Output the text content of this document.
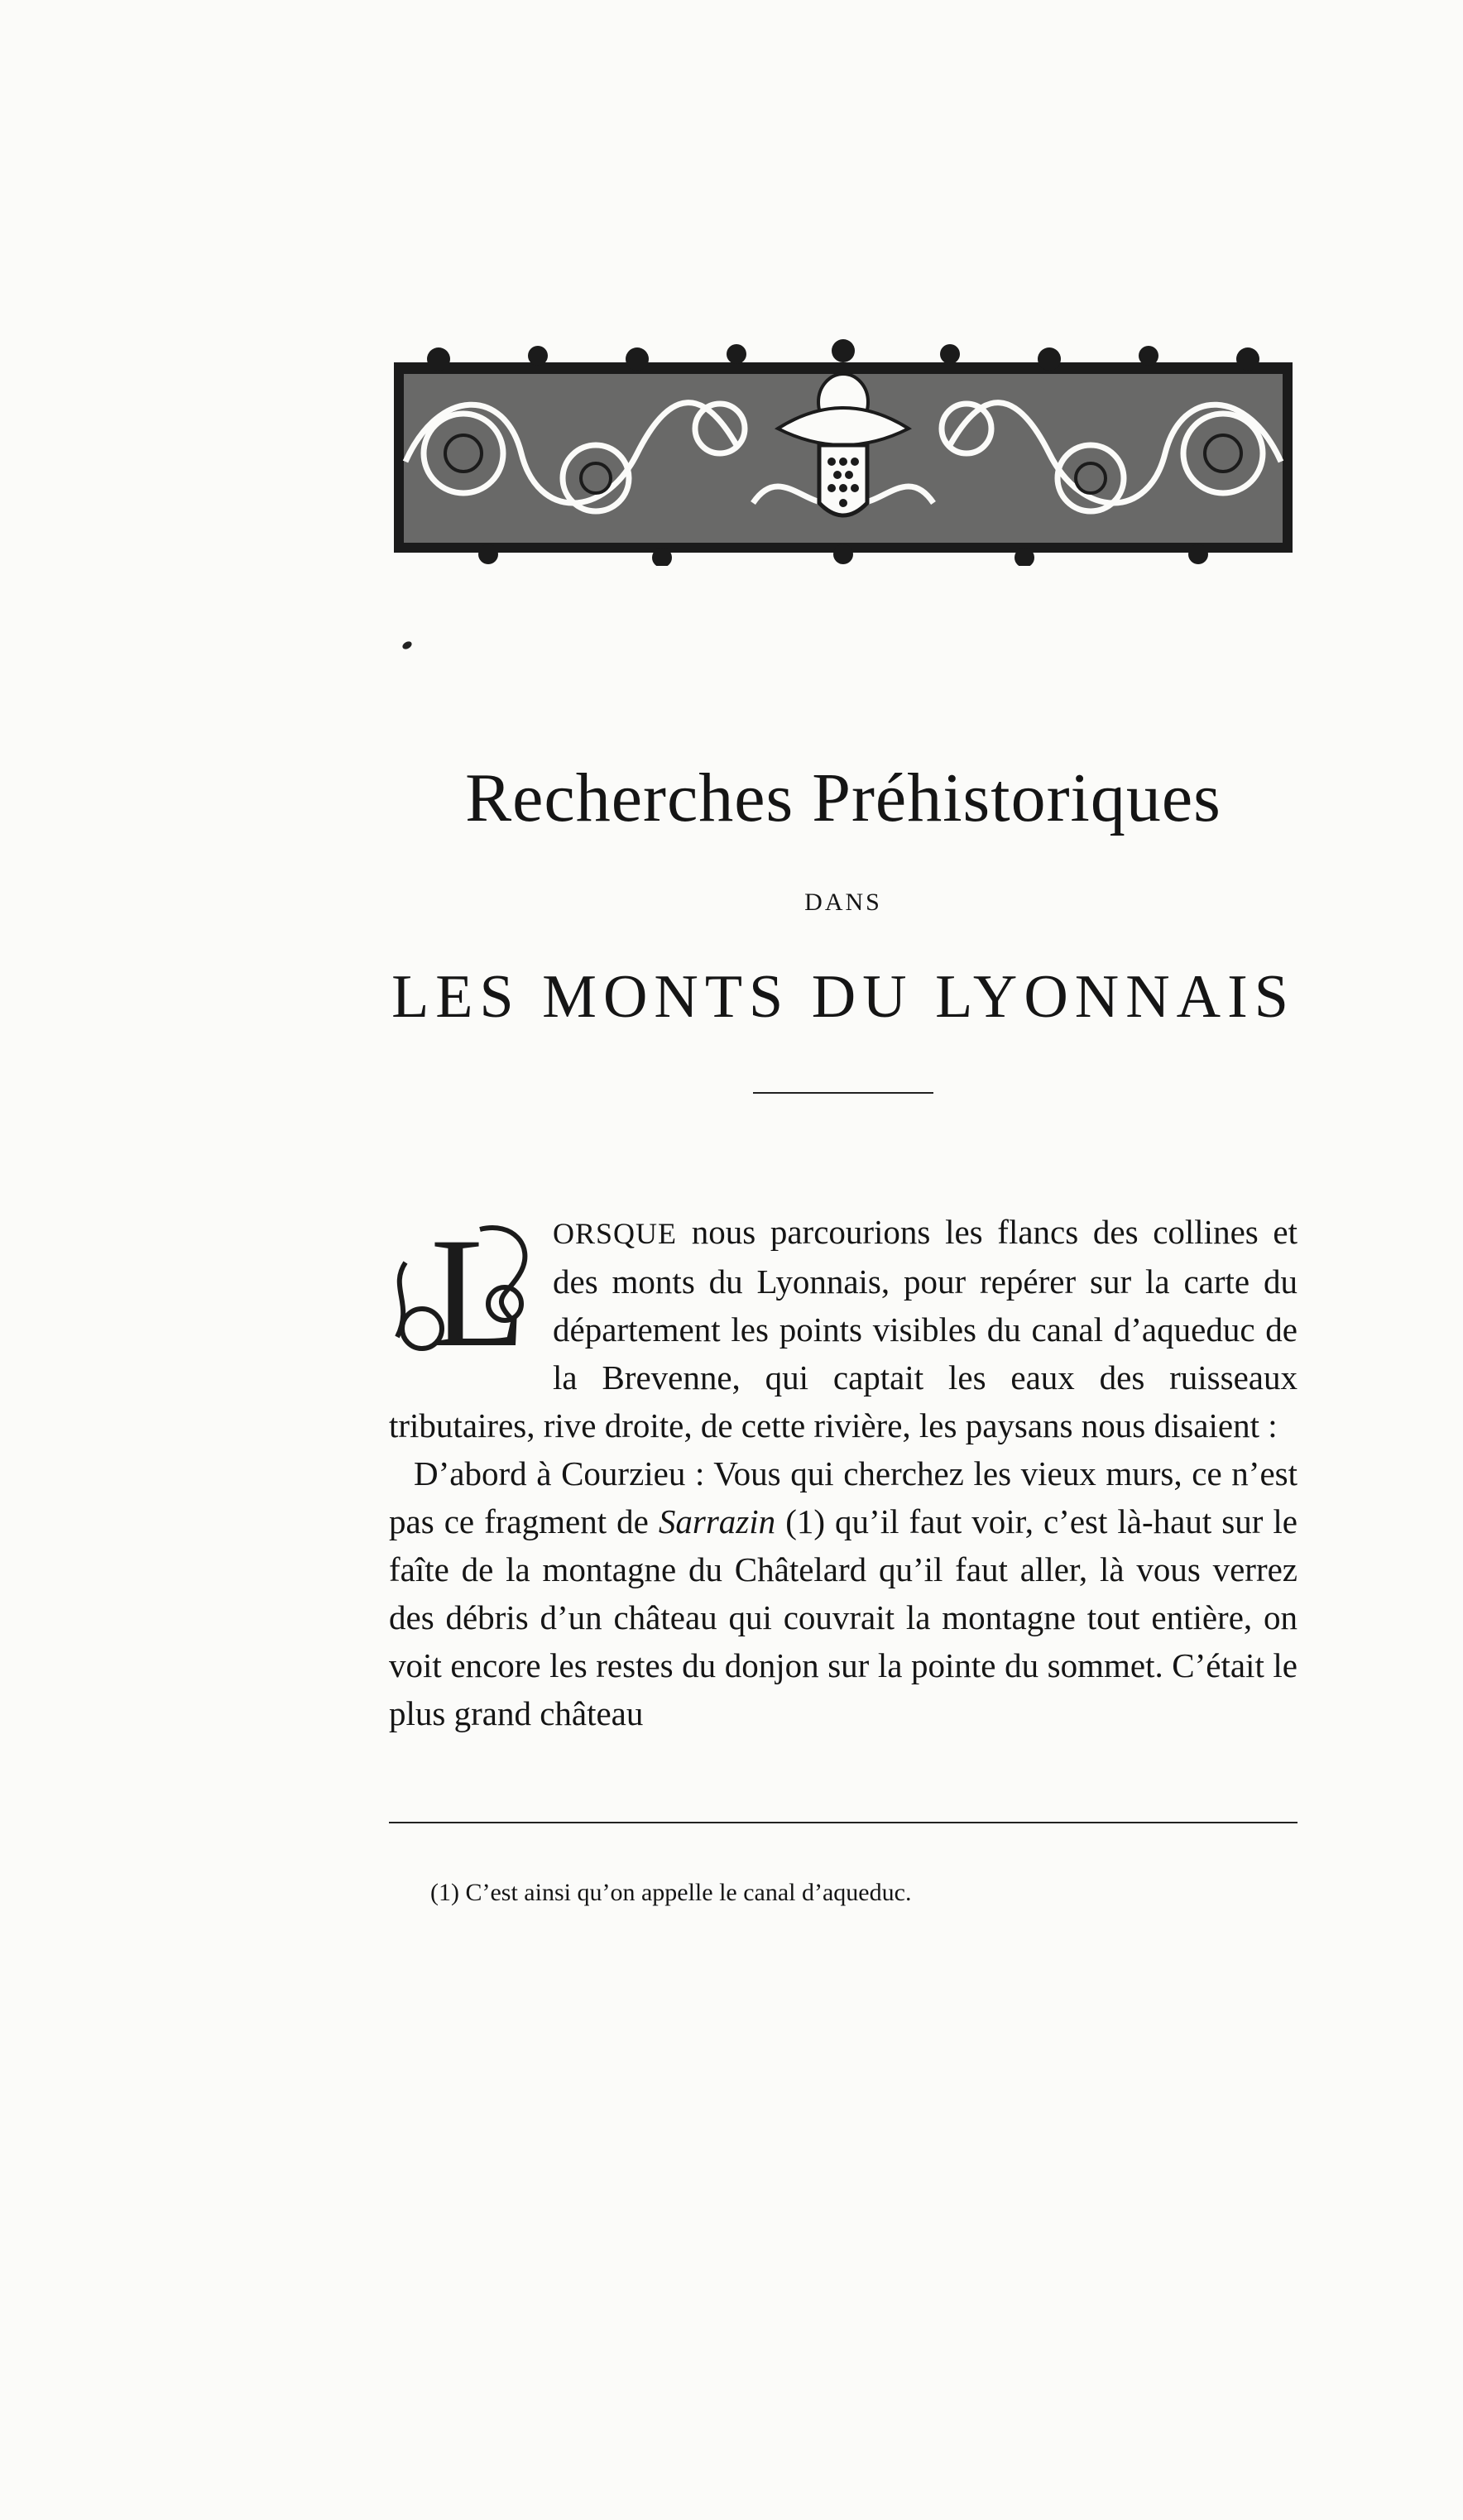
Recherches Préhistoriques
DANS
LES MONTS DU LYONNAIS
L ORSQUE nous parcourions les flancs des collines et des monts du Lyonnais, pour repérer sur la carte du département les points visibles du canal d’aqueduc de la Brevenne, qui captait les eaux des ruisseaux tributaires, rive droite, de cette rivière, les paysans nous disaient :

D’abord à Courzieu : Vous qui cherchez les vieux murs, ce n’est pas ce fragment de Sarrazin (1) qu’il faut voir, c’est là-haut sur le faîte de la montagne du Châtelard qu’il faut aller, là vous verrez des débris d’un château qui couvrait la montagne tout entière, on voit encore les restes du donjon sur la pointe du sommet. C’était le plus grand château

(1) C’est ainsi qu’on appelle le canal d’aqueduc.
